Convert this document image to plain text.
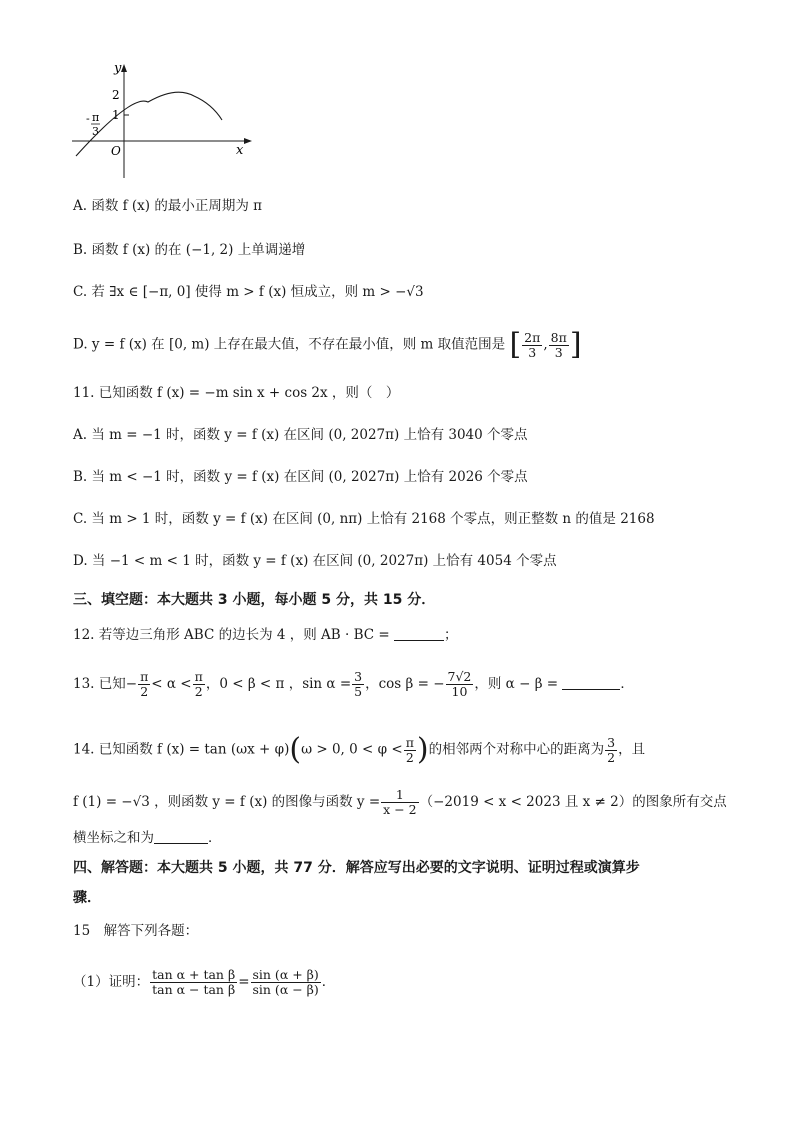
y
x
O
2
1
- π
3
A. 函数 f (x) 的最小正周期为 π
B. 函数 f (x) 的在 (−1, 2) 上单调递增
C. 若 ∃x ∈ [−π, 0] 使得 m > f (x) 恒成立，则 m > −√3
D. y = f (x) 在 [0, m) 上存在最大值，不存在最小值，则 m 取值范围是 [ $\frac{2\pi}{3}$ , $\frac{8\pi}{3}$ ]
11. 已知函数 f (x) = −m sin x + cos 2x ，则（　）
A. 当 m = −1 时，函数 y = f (x) 在区间 (0, 2027π) 上恰有 3040 个零点
B. 当 m < −1 时，函数 y = f (x) 在区间 (0, 2027π) 上恰有 2026 个零点
C. 当 m > 1 时，函数 y = f (x) 在区间 (0, nπ) 上恰有 2168 个零点，则正整数 n 的值是 2168
D. 当 −1 < m < 1 时，函数 y = f (x) 在区间 (0, 2027π) 上恰有 4054 个零点
三、填空题：本大题共 3 小题，每小题 5 分，共 15 分．
12. 若等边三角形 ABC 的边长为 4 ，则 AB · BC =	；
13. 已知− $\frac{\pi}{2} < \alpha < \frac{\pi}{2}$ ，0 < β < π ，$\sin \alpha = \frac{3}{5}$ ，cos β = − $\frac{7√2}{10}$ ，则 α − β =	．
14. 已知函数 f (x) = tan (ωx + φ)(ω > 0, $0 < \varphi < \frac{\pi}{2}$ )的相邻两个对称中心的距离为 $\frac{3}{2}$ ，且
f (1) = −√3 ，则函数 y = f (x) 的图像与函数 $y = \frac{1}{x - 2} (-2019 < x < 2023$ 且 x ≠ 2）的图象所有交点
横坐标之和为	．
四、解答题：本大题共 5 小题，共 77 分．解答应写出必要的文字说明、证明过程或演算步
骤．
15　解答下列各题：
（1）证明： $\frac{\text{tan α + tan β}}{\text{tan α − tan β}} = \frac{\sin (\alpha + \beta)}{\sin (\alpha - \beta)}$ ．
